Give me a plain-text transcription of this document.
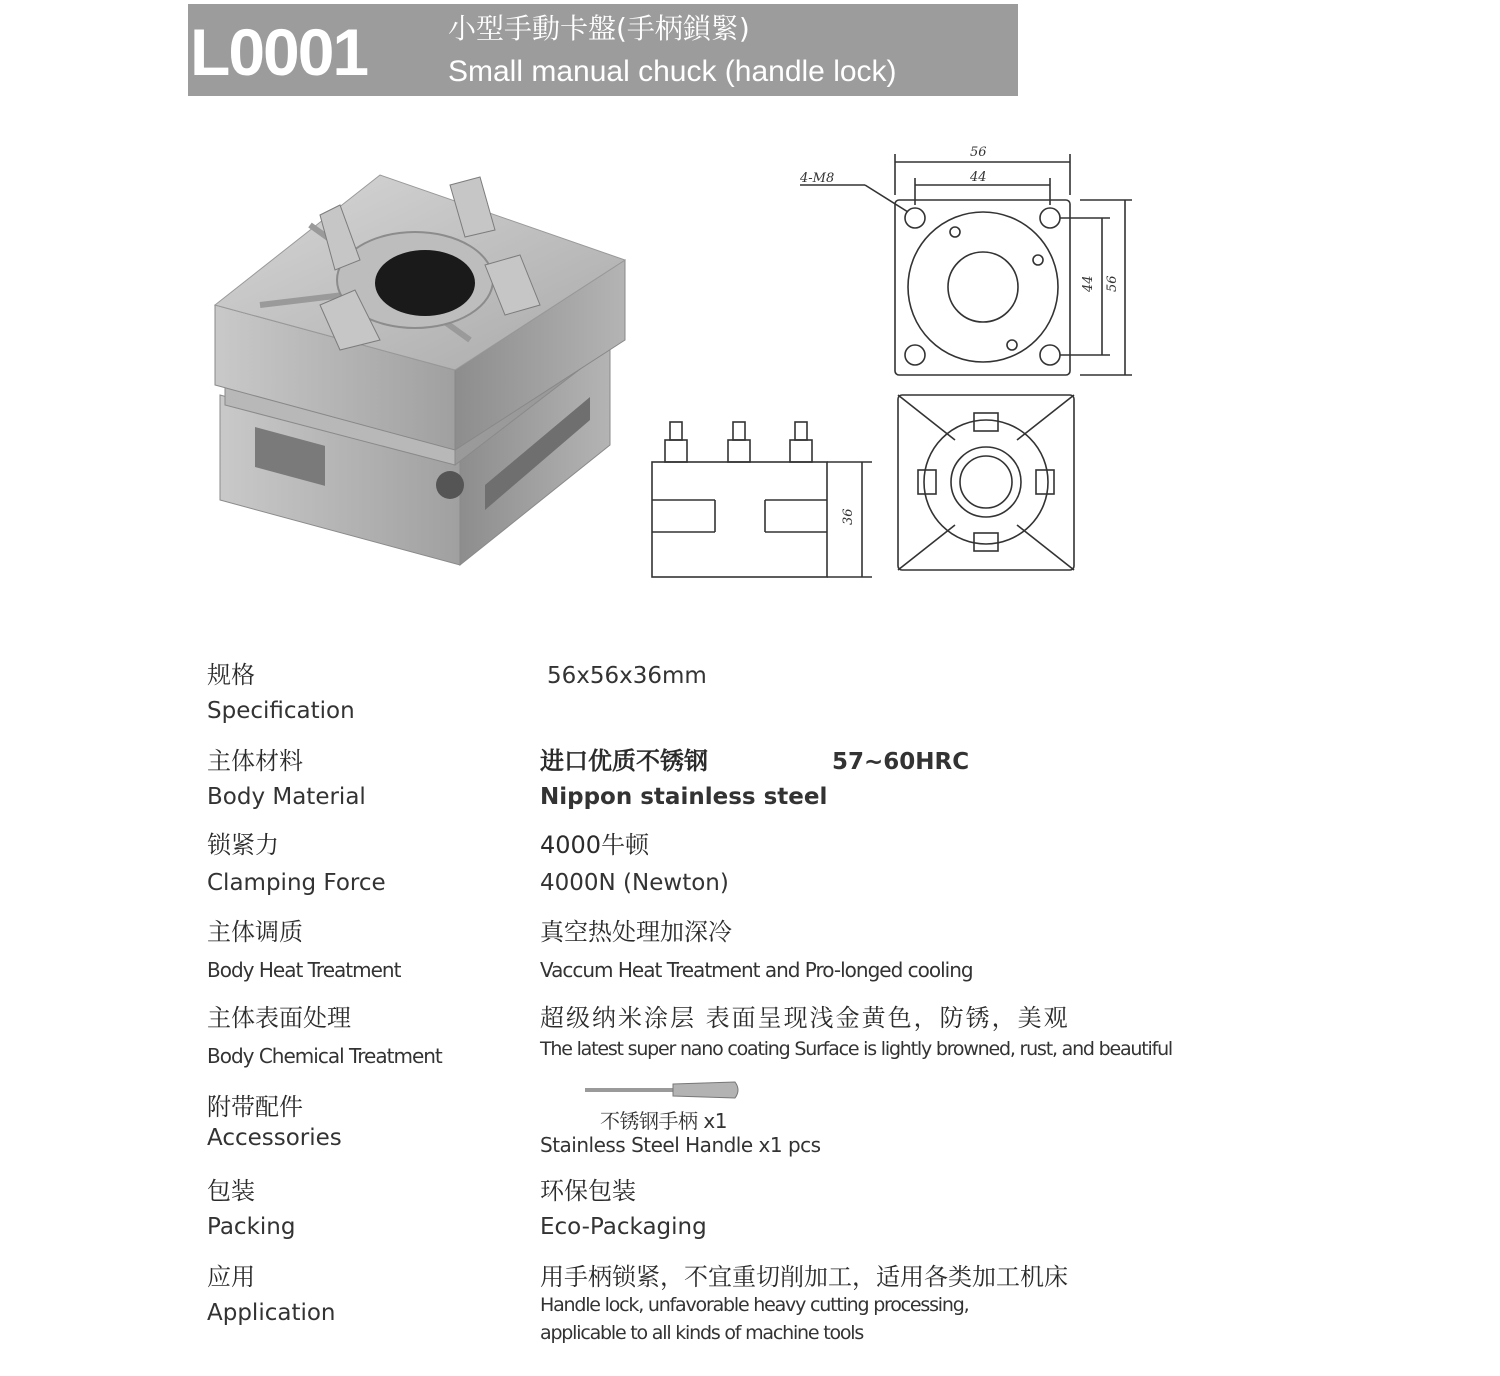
L0001	小型手動卡盤(手柄鎖緊)
Small manual chuck (handle lock)
56
44
4-M8
44 56
36
规格
Specification
56x56x36mm
主体材料
Body Material
进口优质不锈钢	57~60HRC
Nippon stainless steel
锁紧力
Clamping Force
4000牛顿
4000N (Newton)
主体调质
Body Heat Treatment
真空热处理加深冷
Vaccum Heat Treatment and Pro-longed cooling
主体表面处理
Body Chemical Treatment
超级纳米涂层 表面呈现浅金黄色，防锈，美观
The latest super nano coating Surface is lightly browned, rust, and beautiful
附带配件
Accessories
不锈钢手柄 x1
Stainless Steel Handle x1 pcs
包装
Packing
环保包装
Eco-Packaging
应用
Application
用手柄锁紧，不宜重切削加工，适用各类加工机床
Handle lock, unfavorable heavy cutting processing,
applicable to all kinds of machine tools
